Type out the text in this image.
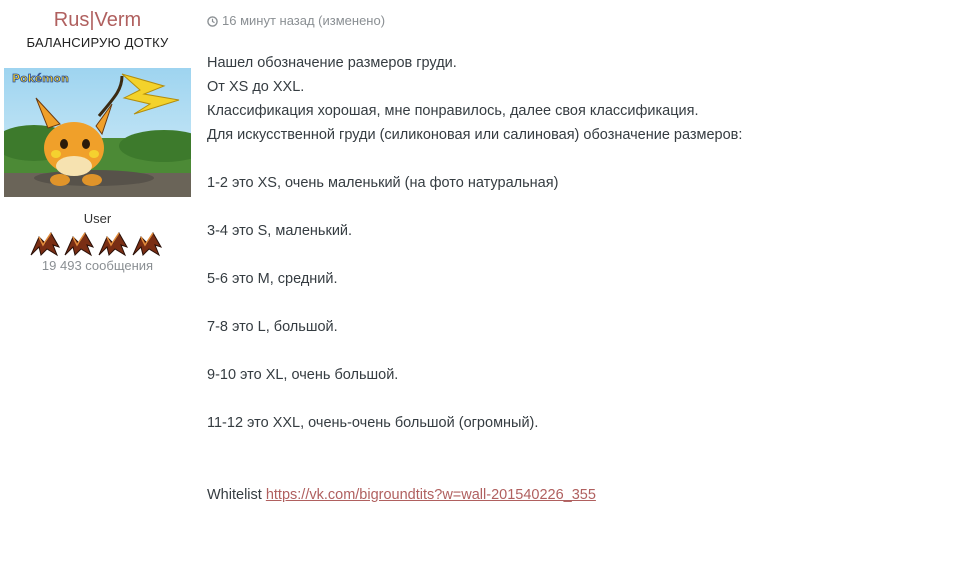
Rus|Verm
БАЛАНСИРУЮ ДОТКУ
Pokémon
User
19 493 сообщения
16 минут назад (изменено)

Нашел обозначение размеров груди.

От XS до XXL.

Классификация хорошая, мне понравилось, далее своя классификация.

Для искусственной груди (силиконовая или салиновая) обозначение размеров:

1-2 это XS, очень маленький (на фото натуральная)

3-4 это S, маленький.

5-6 это M, средний.

7-8 это L, большой.

9-10 это XL, очень большой.

11-12 это XXL, очень-очень большой (огромный).

Whitelist https://vk.com/bigroundtits?w=wall-201540226_355
